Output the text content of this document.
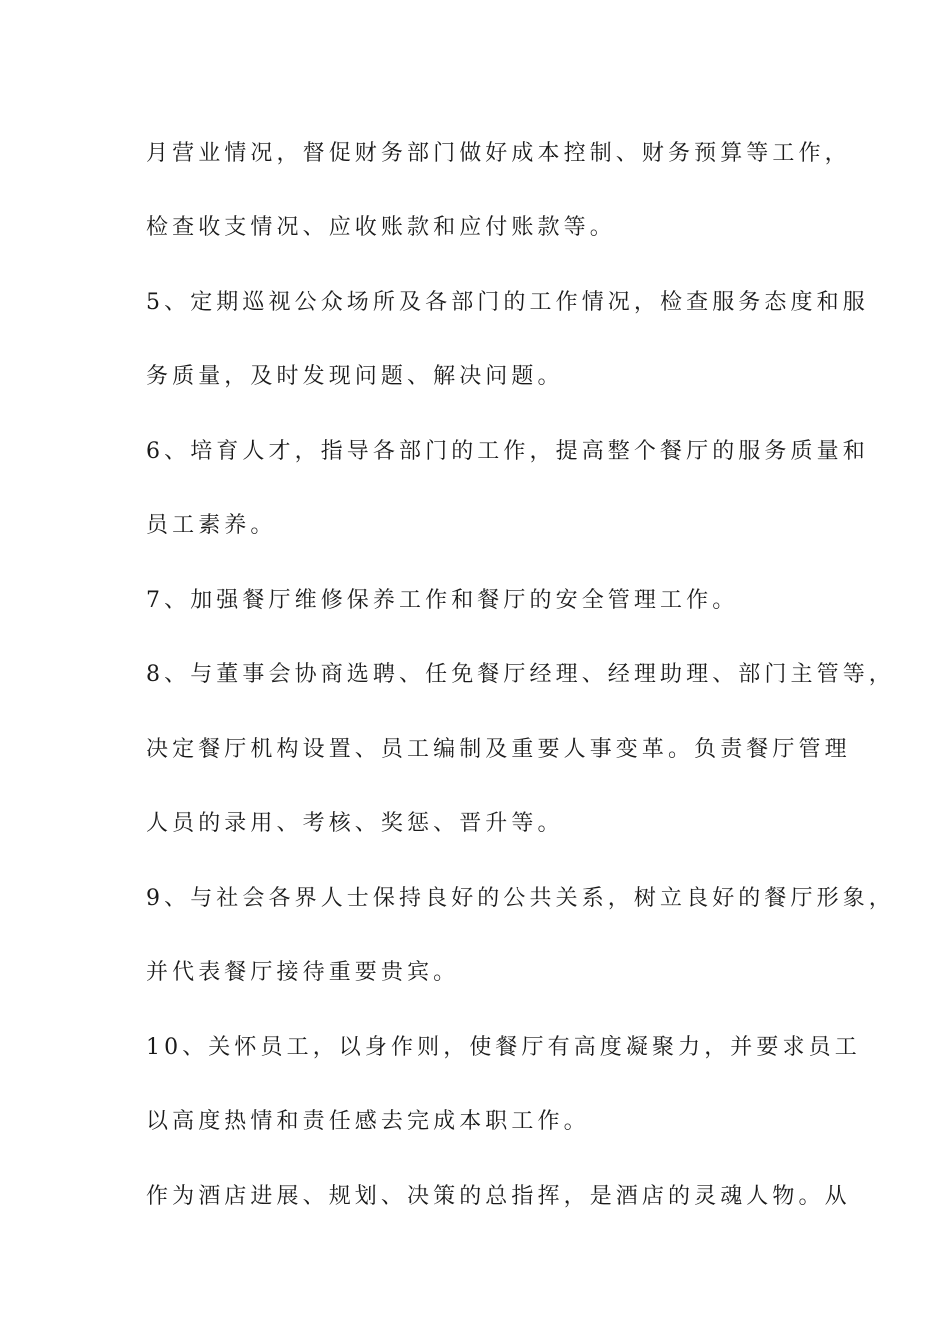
月营业情况，督促财务部门做好成本控制、财务预算等工作，
检查收支情况、应收账款和应付账款等。
5、定期巡视公众场所及各部门的工作情况，检查服务态度和服
务质量，及时发现问题、解决问题。
6、培育人才，指导各部门的工作，提高整个餐厅的服务质量和
员工素养。
7、加强餐厅维修保养工作和餐厅的安全管理工作。
8、与董事会协商选聘、任免餐厅经理、经理助理、部门主管等，
决定餐厅机构设置、员工编制及重要人事变革。负责餐厅管理
人员的录用、考核、奖惩、晋升等。
9、与社会各界人士保持良好的公共关系，树立良好的餐厅形象，
并代表餐厅接待重要贵宾。
10、关怀员工，以身作则，使餐厅有高度凝聚力，并要求员工
以高度热情和责任感去完成本职工作。
作为酒店进展、规划、决策的总指挥，是酒店的灵魂人物。从
